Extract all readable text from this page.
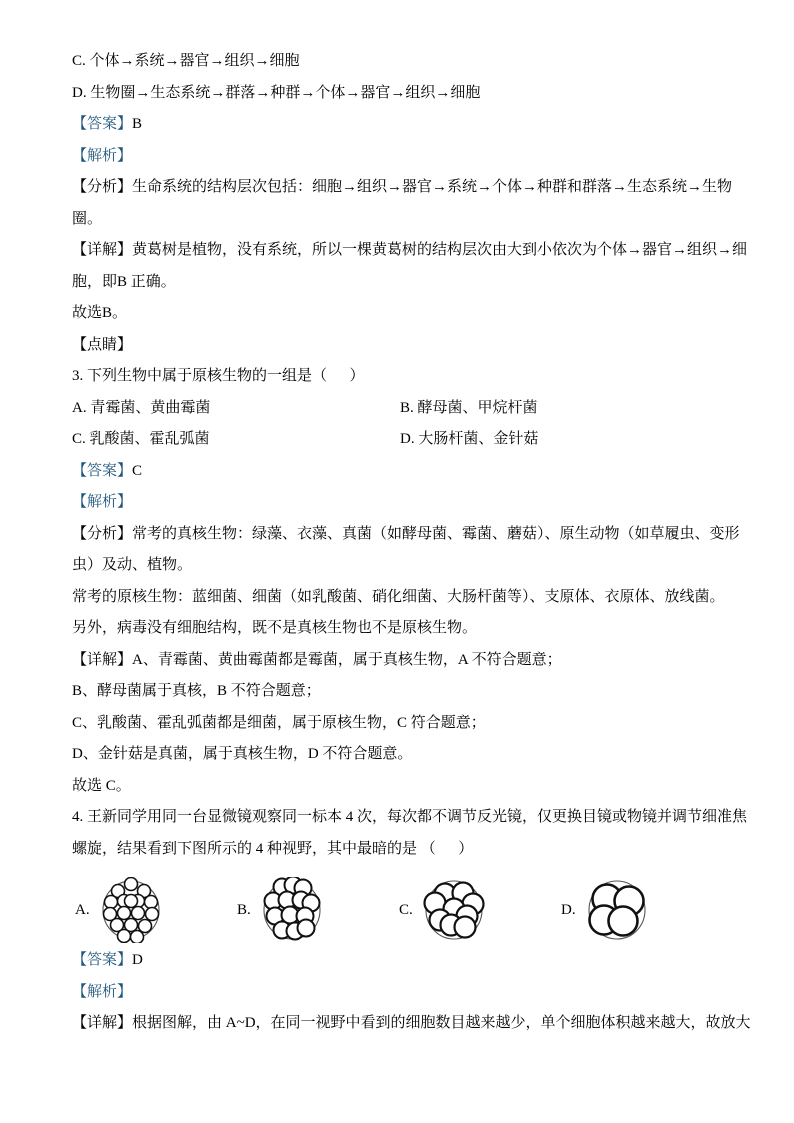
C. 个体→系统→器官→组织→细胞
D. 生物圈→生态系统→群落→种群→个体→器官→组织→细胞
【答案】B
【解析】
【分析】生命系统的结构层次包括：细胞→组织→器官→系统→个体→种群和群落→生态系统→生物
圈。
【详解】黄葛树是植物，没有系统，所以一棵黄葛树的结构层次由大到小依次为个体→器官→组织→细
胞，即B 正确。
故选B。
【点睛】
3. 下列生物中属于原核生物的一组是（      ）
A. 青霉菌、黄曲霉菌	B. 酵母菌、甲烷杆菌
C. 乳酸菌、霍乱弧菌	D. 大肠杆菌、金针菇
【答案】C
【解析】
【分析】常考的真核生物：绿藻、衣藻、真菌（如酵母菌、霉菌、蘑菇）、原生动物（如草履虫、变形
虫）及动、植物。
常考的原核生物：蓝细菌、细菌（如乳酸菌、硝化细菌、大肠杆菌等）、支原体、衣原体、放线菌。
另外，病毒没有细胞结构，既不是真核生物也不是原核生物。
【详解】A、青霉菌、黄曲霉菌都是霉菌，属于真核生物，A 不符合题意；
B、酵母菌属于真核，B 不符合题意；
C、乳酸菌、霍乱弧菌都是细菌，属于原核生物，C 符合题意；
D、金针菇是真菌，属于真核生物，D 不符合题意。
故选 C。
4. 王新同学用同一台显微镜观察同一标本 4 次，每次都不调节反光镜，仅更换目镜或物镜并调节细准焦
螺旋，结果看到下图所示的 4 种视野，其中最暗的是 （      ）
A.	B.	C.	D.
【答案】D
【解析】
【详解】根据图解，由 A~D，在同一视野中看到的细胞数目越来越少，单个细胞体积越来越大，故放大
